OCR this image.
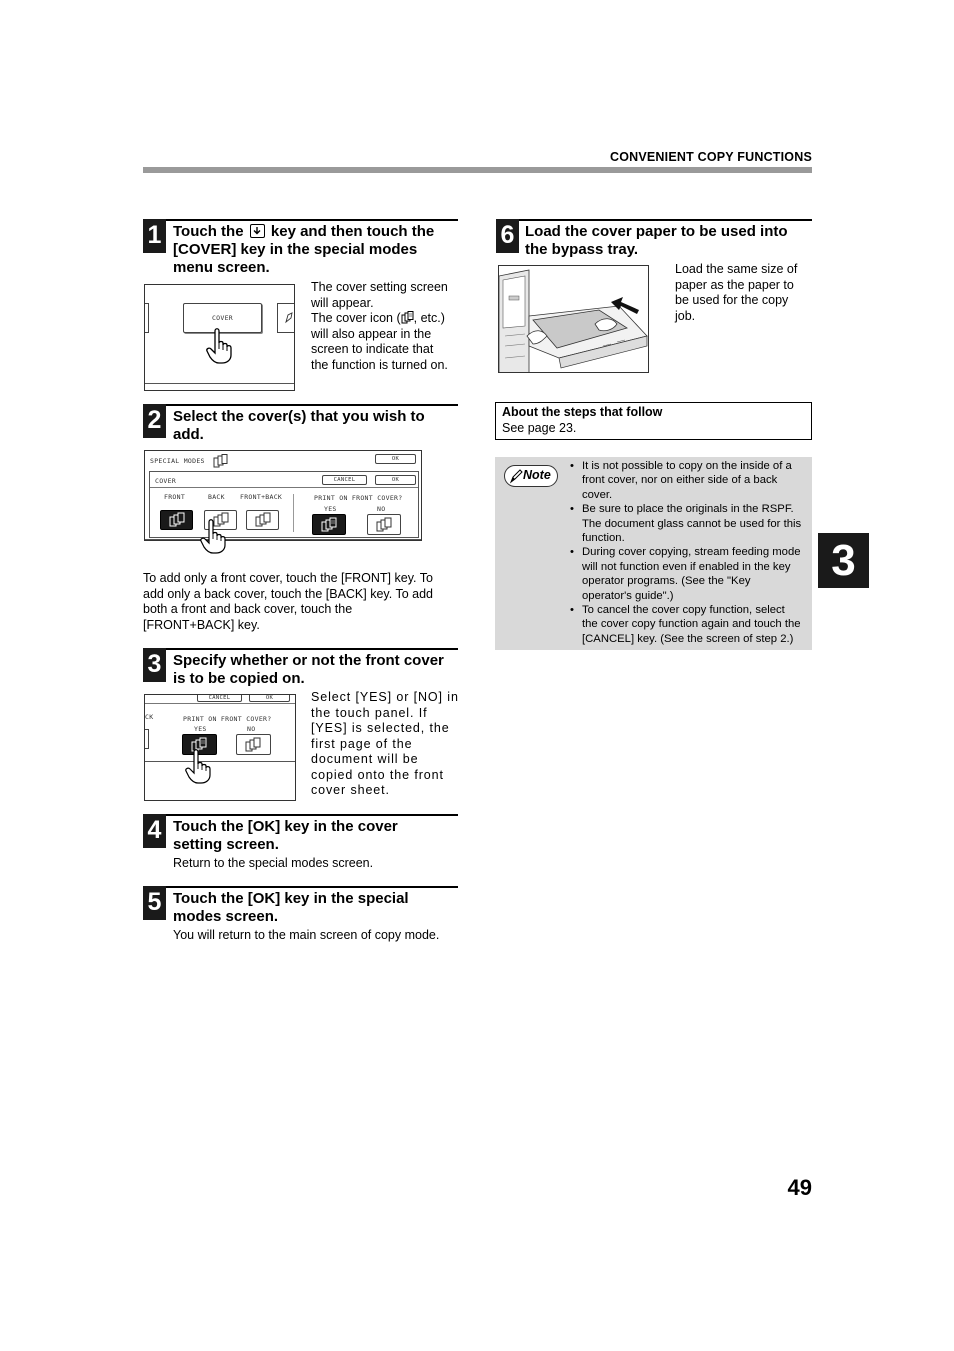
CONVENIENT COPY FUNCTIONS
1 Touch the key and then touch the
[COVER] key in the special modes
menu screen.
COVER
The cover setting screen
will appear.
The cover icon ( , etc.)
will also appear in the
screen to indicate that
the function is turned on.
2 Select the cover(s) that you wish to
add.
SPECIAL MODES	OK
COVER	CANCEL	OK
FRONT	BACK FRONT+BACK	PRINT ON FRONT COVER?
YES	NO
To add only a front cover, touch the [FRONT] key. To
add only a back cover, touch the [BACK] key. To add
both a front and back cover, touch the
[FRONT+BACK] key.
3 Specify whether or not the front cover
is to be copied on.
CANCEL	OK
CK	PRINT ON FRONT COVER?
YES	NO
Select [YES] or [NO] in
the touch panel. If
[YES] is selected, the
first page of the
document will be
copied onto the front
cover sheet.
4 Touch the [OK] key in the cover
setting screen.
Return to the special modes screen.
5 Touch the [OK] key in the special
modes screen.
You will return to the main screen of copy mode.
6 Load the cover paper to be used into
the bypass tray.
Load the same size of
paper as the paper to
be used for the copy
job.
About the steps that follow
See page 23.
Note
• It is not possible to copy on the inside of a
front cover, nor on either side of a back
cover.
• Be sure to place the originals in the RSPF.
The document glass cannot be used for this
function.
• During cover copying, stream feeding mode
will not function even if enabled in the key
operator programs. (See the "Key
operator's guide".)
• To cancel the cover copy function, select
the cover copy function again and touch the
[CANCEL] key. (See the screen of step 2.)
3
49
